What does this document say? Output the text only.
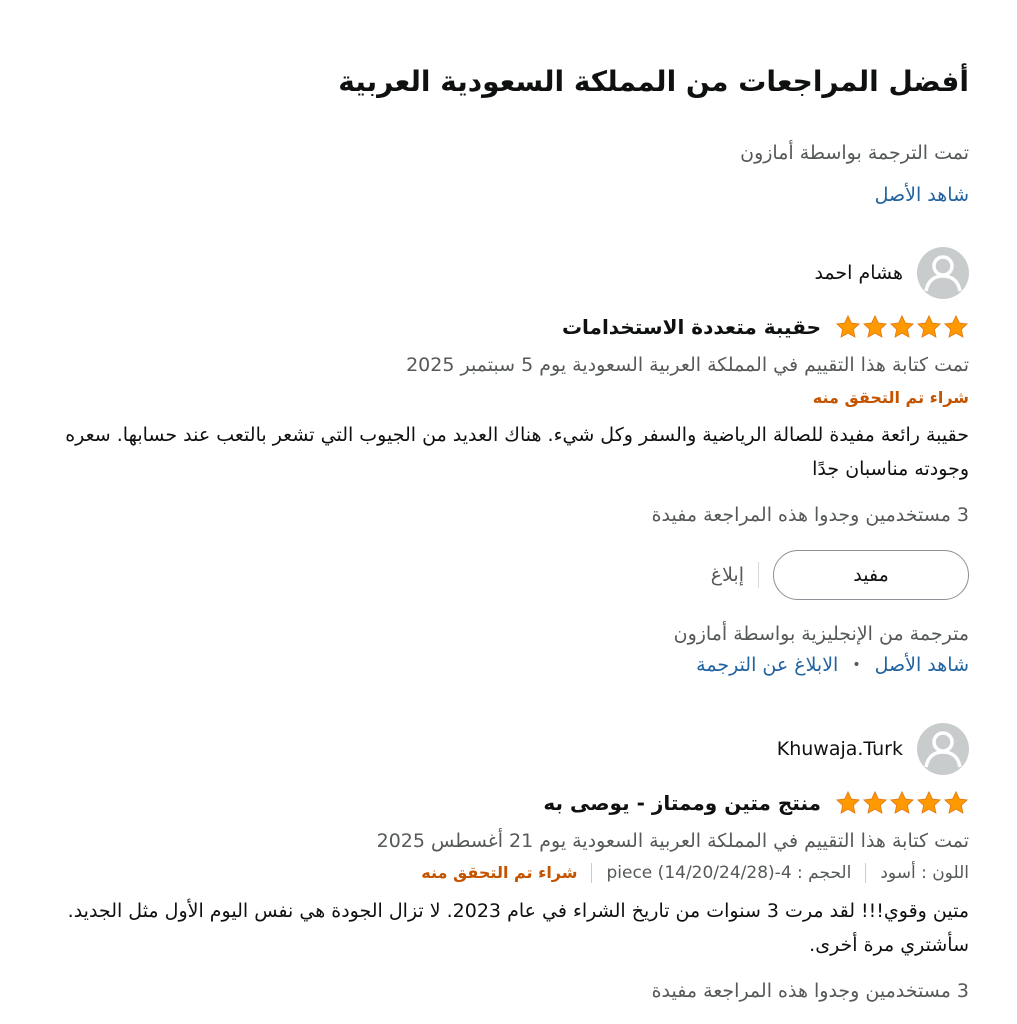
أفضل المراجعات من المملكة السعودية العربية
تمت الترجمة بواسطة أمازون
شاهد الأصل
هشام احمد
حقيبة متعددة الاستخدامات
تمت كتابة هذا التقييم في المملكة العربية السعودية يوم 5 سبتمبر 2025
شراء تم التحقق منه
حقيبة رائعة مفيدة للصالة الرياضية والسفر وكل شيء. هناك العديد من الجيوب التي تشعر بالتعب عند حسابها. سعره وجودته مناسبان جدًا
3 مستخدمين وجدوا هذه المراجعة مفيدة
مفيد
إبلاغ
مترجمة من الإنجليزية بواسطة أمازون
شاهد الأصل
•
الابلاغ عن الترجمة
Khuwaja.Turk
منتج متين وممتاز - يوصى به
تمت كتابة هذا التقييم في المملكة العربية السعودية يوم 21 أغسطس 2025
اللون : أسود
الحجم : 4-(14/20/24/28) piece
شراء تم التحقق منه
متين وقوي!!! لقد مرت 3 سنوات من تاريخ الشراء في عام 2023. لا تزال الجودة هي نفس اليوم الأول مثل الجديد. سأشتري مرة أخرى.
3 مستخدمين وجدوا هذه المراجعة مفيدة
